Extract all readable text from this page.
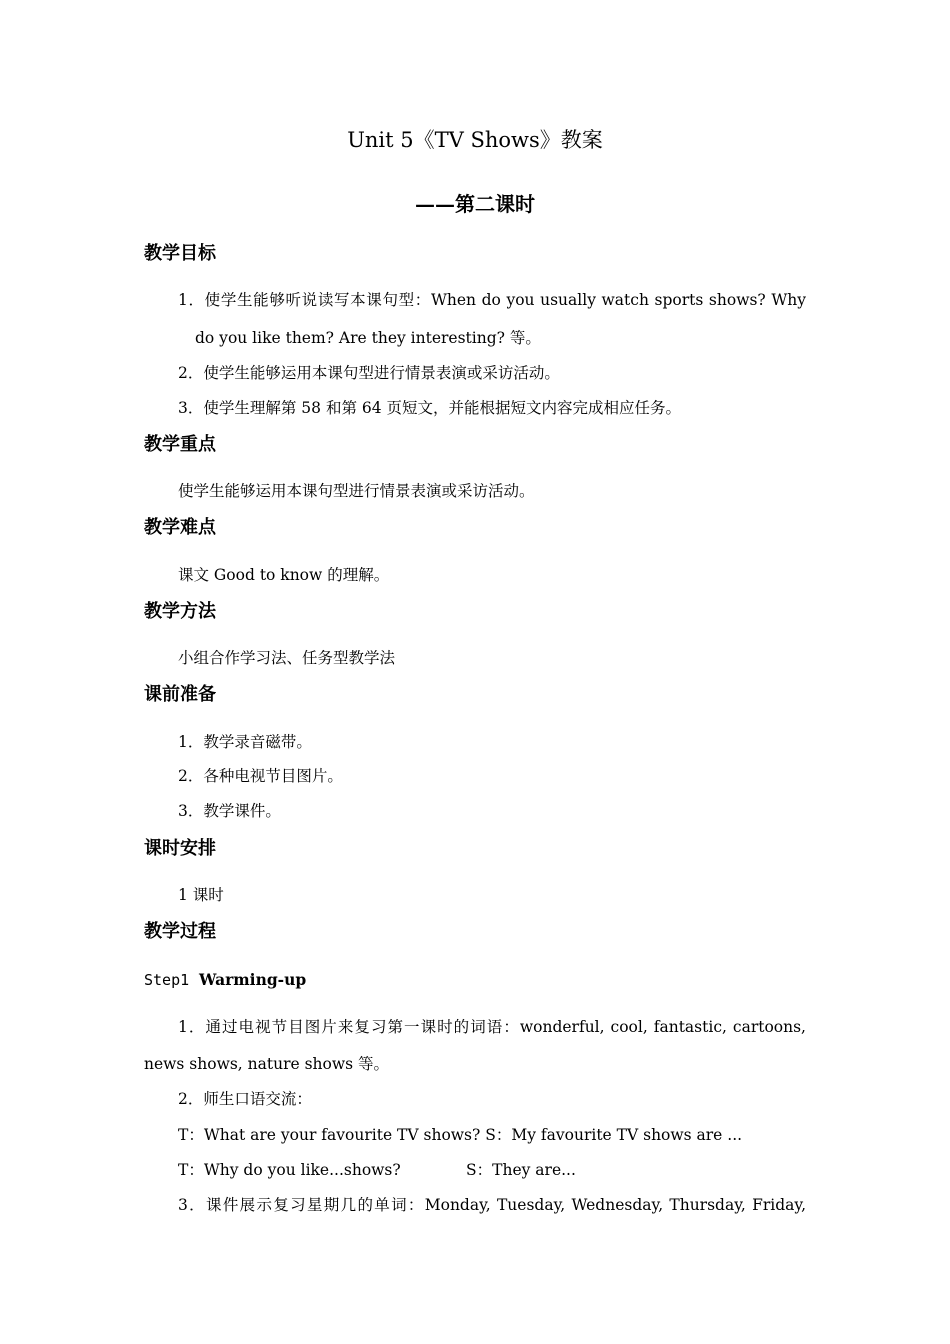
Unit 5《TV Shows》教案
——第二课时
教学目标
1．使学生能够听说读写本课句型：When do you usually watch sports shows? Why
do you like them? Are they interesting? 等。
2．使学生能够运用本课句型进行情景表演或采访活动。
3．使学生理解第 58 和第 64 页短文，并能根据短文内容完成相应任务。
教学重点
使学生能够运用本课句型进行情景表演或采访活动。
教学难点
课文 Good to know 的理解。
教学方法
小组合作学习法、任务型教学法
课前准备
1．教学录音磁带。
2．各种电视节目图片。
3．教学课件。
课时安排
1 课时
教学过程
Step1 Warming-up
1．通过电视节目图片来复习第一课时的词语：wonderful, cool, fantastic, cartoons,
news shows, nature shows 等。
2．师生口语交流：
T：What are your favourite TV shows? S：My favourite TV shows are ...
T：Why do you like...shows?	S：They are...
3．课件展示复习星期几的单词：Monday, Tuesday, Wednesday, Thursday, Friday,
